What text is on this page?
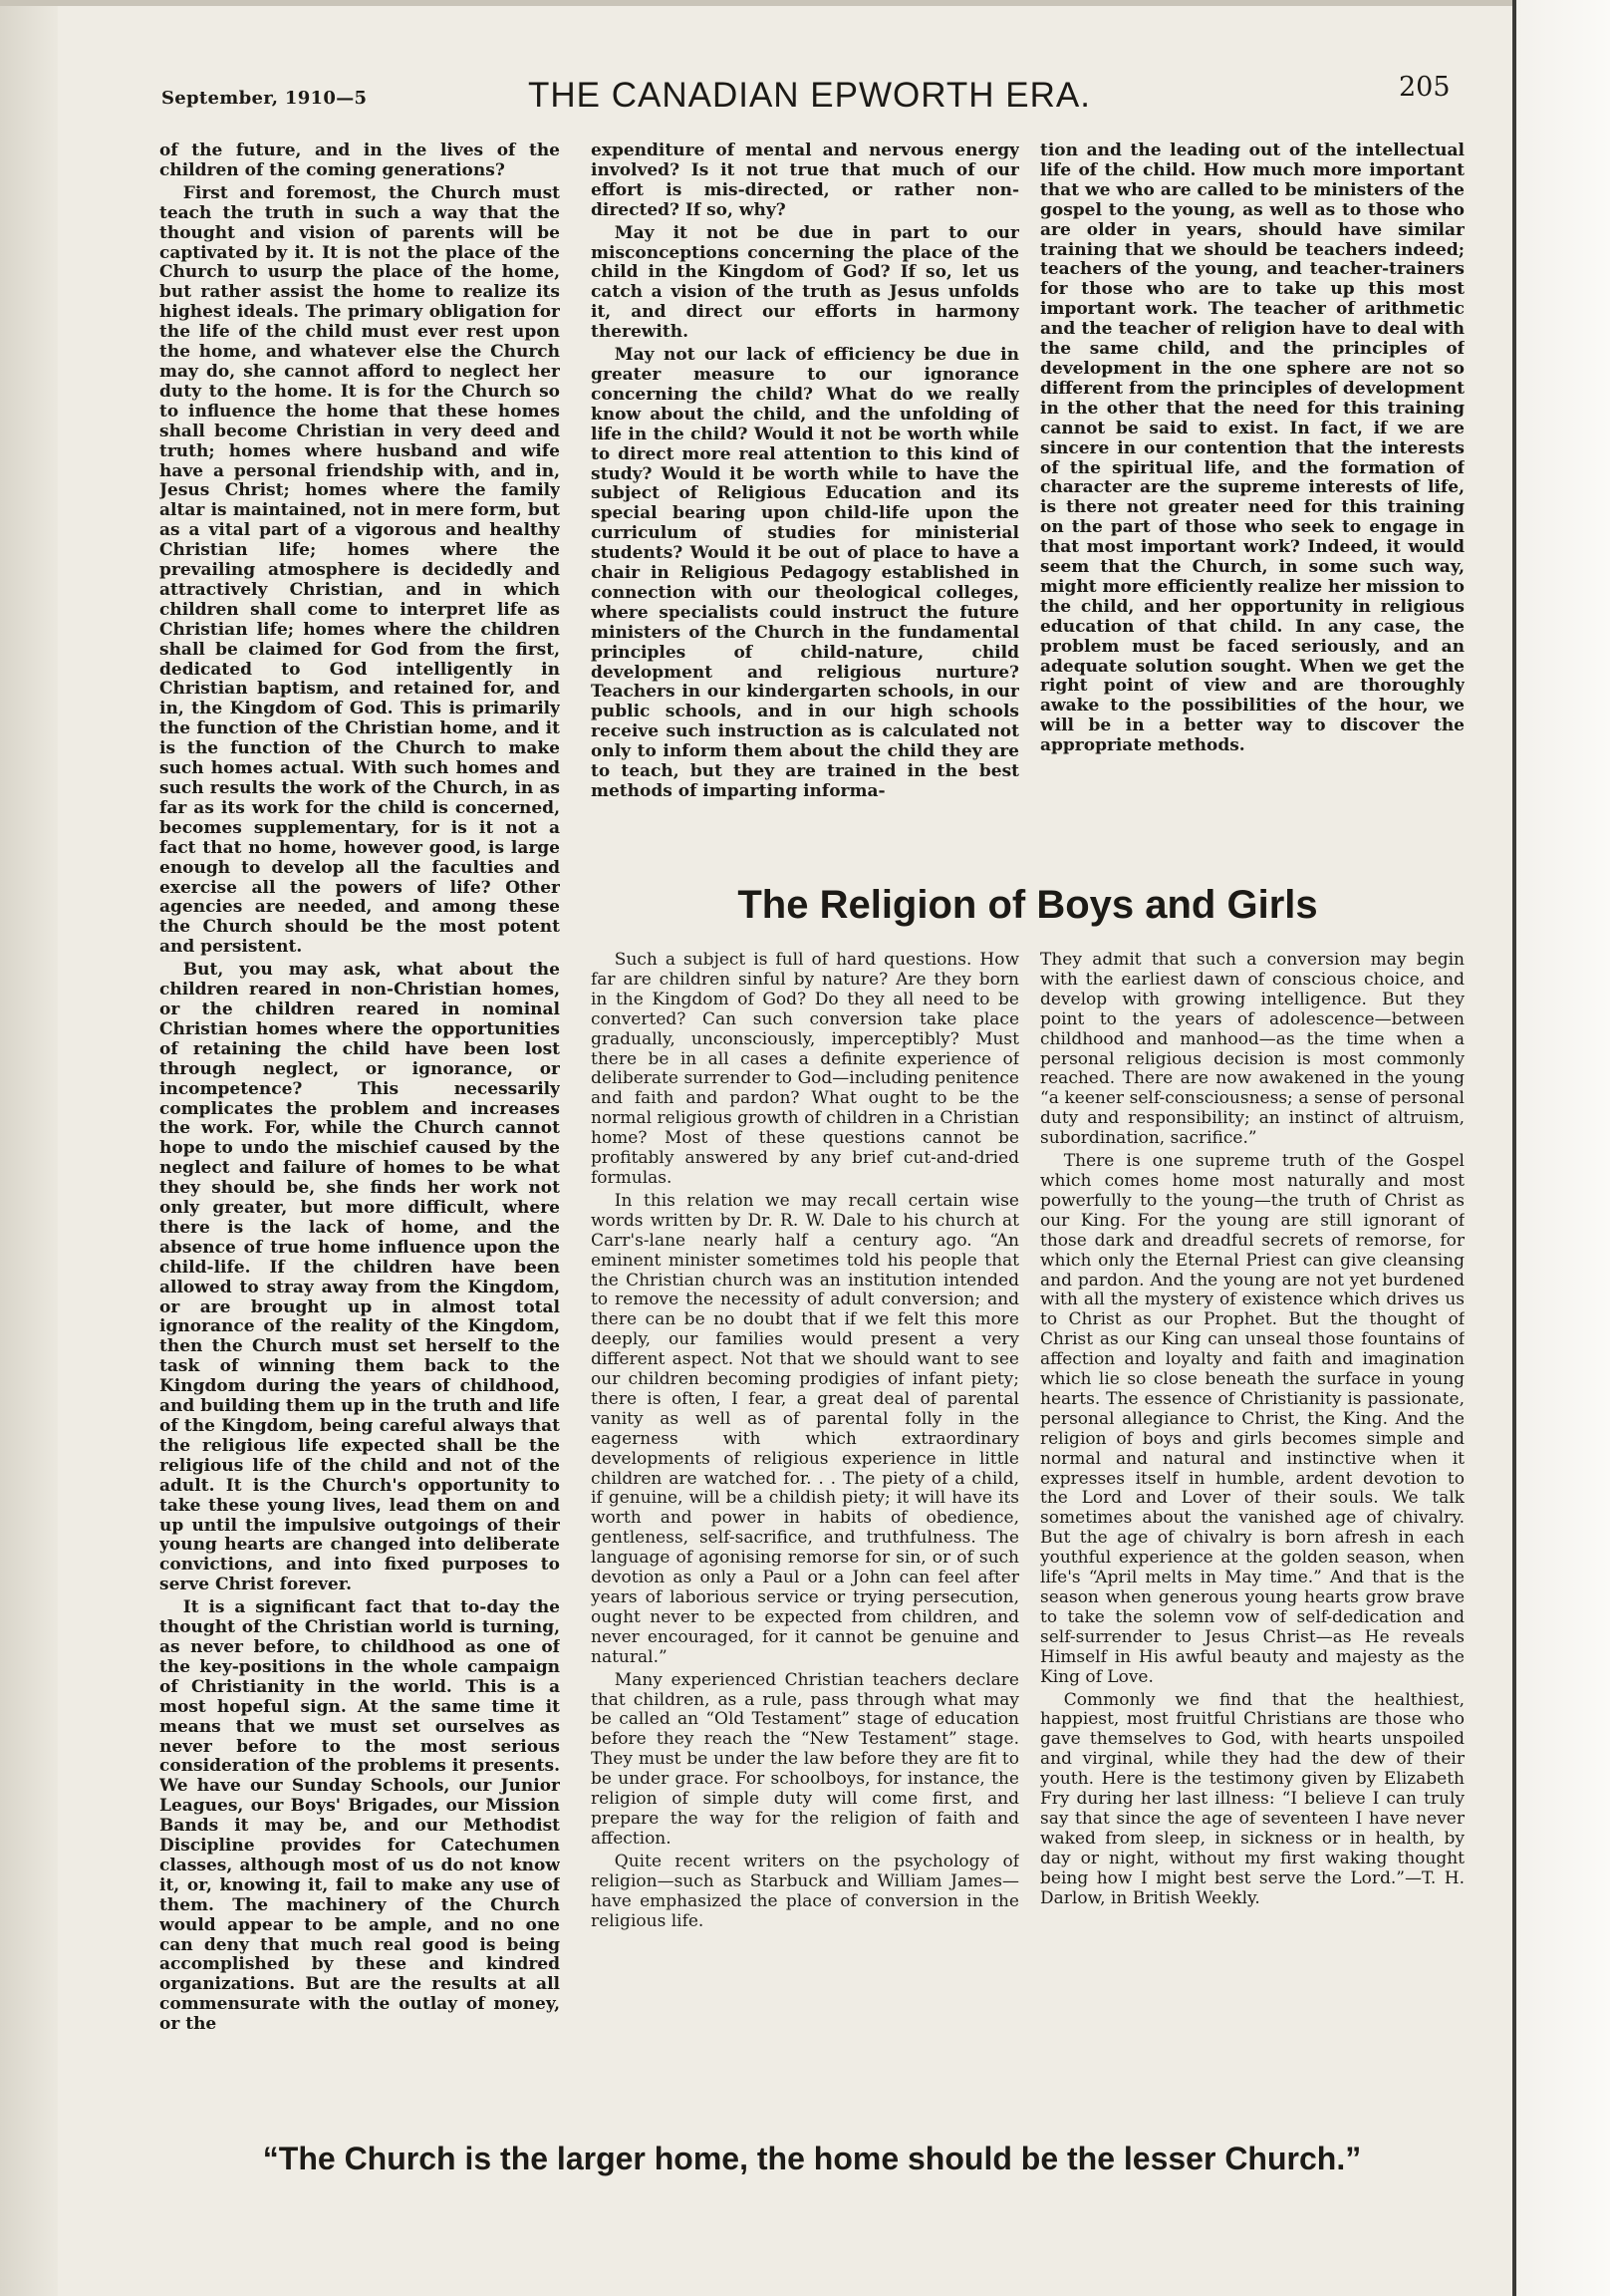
September, 1910—5	THE CANADIAN EPWORTH ERA.	205

of the future, and in the lives of the children of the coming generations?

First and foremost, the Church must teach the truth in such a way that the thought and vision of parents will be captivated by it. It is not the place of the Church to usurp the place of the home, but rather assist the home to realize its highest ideals. The primary obligation for the life of the child must ever rest upon the home, and whatever else the Church may do, she cannot afford to neglect her duty to the home. It is for the Church so to influence the home that these homes shall become Christian in very deed and truth; homes where husband and wife have a personal friendship with, and in, Jesus Christ; homes where the family altar is maintained, not in mere form, but as a vital part of a vigorous and healthy Christian life; homes where the prevailing atmosphere is decidedly and attractively Christian, and in which children shall come to interpret life as Christian life; homes where the children shall be claimed for God from the first, dedicated to God intelligently in Christian baptism, and retained for, and in, the Kingdom of God. This is primarily the function of the Christian home, and it is the function of the Church to make such homes actual. With such homes and such results the work of the Church, in as far as its work for the child is concerned, becomes supplementary, for is it not a fact that no home, however good, is large enough to develop all the faculties and exercise all the powers of life? Other agencies are needed, and among these the Church should be the most potent and persistent.

But, you may ask, what about the children reared in non-Christian homes, or the children reared in nominal Christian homes where the opportunities of retaining the child have been lost through neglect, or ignorance, or incompetence? This necessarily complicates the problem and increases the work. For, while the Church cannot hope to undo the mischief caused by the neglect and failure of homes to be what they should be, she finds her work not only greater, but more difficult, where there is the lack of home, and the absence of true home influence upon the child-life. If the children have been allowed to stray away from the Kingdom, or are brought up in almost total ignorance of the reality of the Kingdom, then the Church must set herself to the task of winning them back to the Kingdom during the years of childhood, and building them up in the truth and life of the Kingdom, being careful always that the religious life expected shall be the religious life of the child and not of the adult. It is the Church's opportunity to take these young lives, lead them on and up until the impulsive outgoings of their young hearts are changed into deliberate convictions, and into fixed purposes to serve Christ forever.

It is a significant fact that to-day the thought of the Christian world is turning, as never before, to childhood as one of the key-positions in the whole campaign of Christianity in the world. This is a most hopeful sign. At the same time it means that we must set ourselves as never before to the most serious consideration of the problems it presents. We have our Sunday Schools, our Junior Leagues, our Boys' Brigades, our Mission Bands it may be, and our Methodist Discipline provides for Catechumen classes, although most of us do not know it, or, knowing it, fail to make any use of them. The machinery of the Church would appear to be ample, and no one can deny that much real good is being accomplished by these and kindred organizations. But are the results at all commensurate with the outlay of money, or the

expenditure of mental and nervous energy involved? Is it not true that much of our effort is mis-directed, or rather non-directed? If so, why?

May it not be due in part to our misconceptions concerning the place of the child in the Kingdom of God? If so, let us catch a vision of the truth as Jesus unfolds it, and direct our efforts in harmony therewith.

May not our lack of efficiency be due in greater measure to our ignorance concerning the child? What do we really know about the child, and the unfolding of life in the child? Would it not be worth while to direct more real attention to this kind of study? Would it be worth while to have the subject of Religious Education and its special bearing upon child-life upon the curriculum of studies for ministerial students? Would it be out of place to have a chair in Religious Pedagogy established in connection with our theological colleges, where specialists could instruct the future ministers of the Church in the fundamental principles of child-nature, child development and religious nurture? Teachers in our kindergarten schools, in our public schools, and in our high schools receive such instruction as is calculated not only to inform them about the child they are to teach, but they are trained in the best methods of imparting informa-

tion and the leading out of the intellectual life of the child. How much more important that we who are called to be ministers of the gospel to the young, as well as to those who are older in years, should have similar training that we should be teachers indeed; teachers of the young, and teacher-trainers for those who are to take up this most important work. The teacher of arithmetic and the teacher of religion have to deal with the same child, and the principles of development in the one sphere are not so different from the principles of development in the other that the need for this training cannot be said to exist. In fact, if we are sincere in our contention that the interests of the spiritual life, and the formation of character are the supreme interests of life, is there not greater need for this training on the part of those who seek to engage in that most important work? Indeed, it would seem that the Church, in some such way, might more efficiently realize her mission to the child, and her opportunity in religious education of that child. In any case, the problem must be faced seriously, and an adequate solution sought. When we get the right point of view and are thoroughly awake to the possibilities of the hour, we will be in a better way to discover the appropriate methods.

The Religion of Boys and Girls

Such a subject is full of hard questions. How far are children sinful by nature? Are they born in the Kingdom of God? Do they all need to be converted? Can such conversion take place gradually, unconsciously, imperceptibly? Must there be in all cases a definite experience of deliberate surrender to God—including penitence and faith and pardon? What ought to be the normal religious growth of children in a Christian home? Most of these questions cannot be profitably answered by any brief cut-and-dried formulas.

In this relation we may recall certain wise words written by Dr. R. W. Dale to his church at Carr's-lane nearly half a century ago. “An eminent minister sometimes told his people that the Christian church was an institution intended to remove the necessity of adult conversion; and there can be no doubt that if we felt this more deeply, our families would present a very different aspect. Not that we should want to see our children becoming prodigies of infant piety; there is often, I fear, a great deal of parental vanity as well as of parental folly in the eagerness with which extraordinary developments of religious experience in little children are watched for. . . The piety of a child, if genuine, will be a childish piety; it will have its worth and power in habits of obedience, gentleness, self-sacrifice, and truthfulness. The language of agonising remorse for sin, or of such devotion as only a Paul or a John can feel after years of laborious service or trying persecution, ought never to be expected from children, and never encouraged, for it cannot be genuine and natural.”

Many experienced Christian teachers declare that children, as a rule, pass through what may be called an “Old Testament” stage of education before they reach the “New Testament” stage. They must be under the law before they are fit to be under grace. For schoolboys, for instance, the religion of simple duty will come first, and prepare the way for the religion of faith and affection.

Quite recent writers on the psychology of religion—such as Starbuck and William James—have emphasized the place of conversion in the religious life.

They admit that such a conversion may begin with the earliest dawn of conscious choice, and develop with growing intelligence. But they point to the years of adolescence—between childhood and manhood—as the time when a personal religious decision is most commonly reached. There are now awakened in the young “a keener self-consciousness; a sense of personal duty and responsibility; an instinct of altruism, subordination, sacrifice.”

There is one supreme truth of the Gospel which comes home most naturally and most powerfully to the young—the truth of Christ as our King. For the young are still ignorant of those dark and dreadful secrets of remorse, for which only the Eternal Priest can give cleansing and pardon. And the young are not yet burdened with all the mystery of existence which drives us to Christ as our Prophet. But the thought of Christ as our King can unseal those fountains of affection and loyalty and faith and imagination which lie so close beneath the surface in young hearts. The essence of Christianity is passionate, personal allegiance to Christ, the King. And the religion of boys and girls becomes simple and normal and natural and instinctive when it expresses itself in humble, ardent devotion to the Lord and Lover of their souls. We talk sometimes about the vanished age of chivalry. But the age of chivalry is born afresh in each youthful experience at the golden season, when life's “April melts in May time.” And that is the season when generous young hearts grow brave to take the solemn vow of self-dedication and self-surrender to Jesus Christ—as He reveals Himself in His awful beauty and majesty as the King of Love.

Commonly we find that the healthiest, happiest, most fruitful Christians are those who gave themselves to God, with hearts unspoiled and virginal, while they had the dew of their youth. Here is the testimony given by Elizabeth Fry during her last illness: “I believe I can truly say that since the age of seventeen I have never waked from sleep, in sickness or in health, by day or night, without my first waking thought being how I might best serve the Lord.”—T. H. Darlow, in British Weekly.

“The Church is the larger home, the home should be the lesser Church.”
